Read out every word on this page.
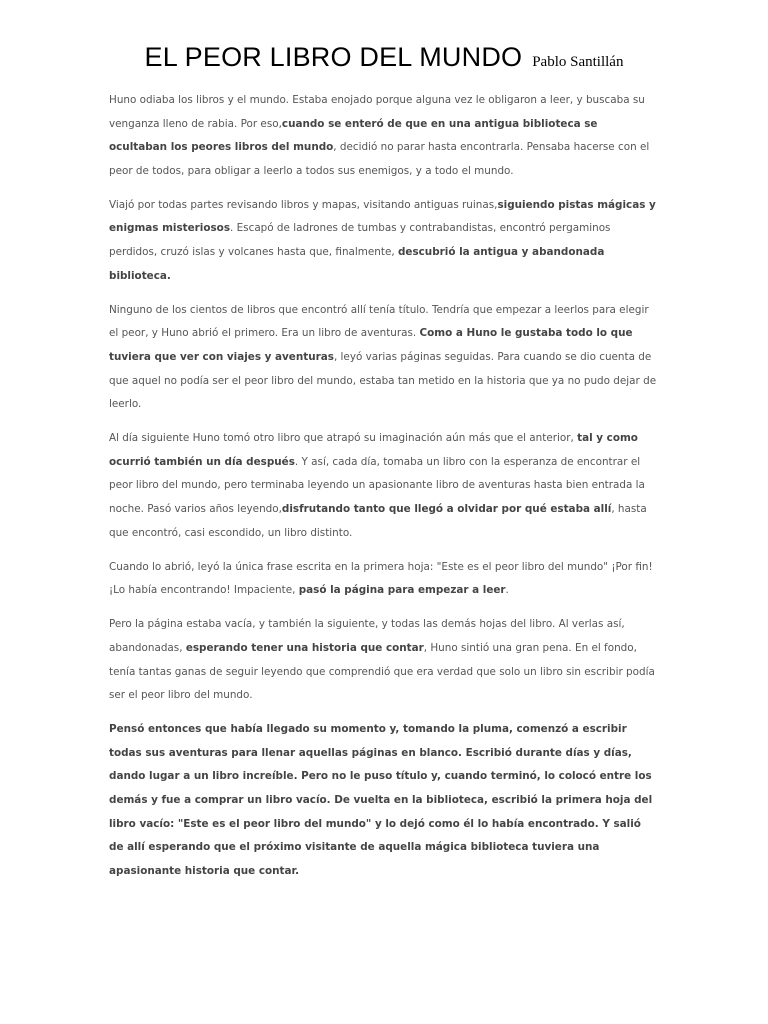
EL PEOR LIBRO DEL MUNDO Pablo Santillán

Huno odiaba los libros y el mundo. Estaba enojado porque alguna vez le obligaron a leer, y buscaba su venganza lleno de rabia. Por eso,cuando se enteró de que en una antigua biblioteca se ocultaban los peores libros del mundo, decidió no parar hasta encontrarla. Pensaba hacerse con el peor de todos, para obligar a leerlo a todos sus enemigos, y a todo el mundo.

Viajó por todas partes revisando libros y mapas, visitando antiguas ruinas,siguiendo pistas mágicas y enigmas misteriosos. Escapó de ladrones de tumbas y contrabandistas, encontró pergaminos perdidos, cruzó islas y volcanes hasta que, finalmente, descubrió la antigua y abandonada biblioteca.

Ninguno de los cientos de libros que encontró allí tenía título. Tendría que empezar a leerlos para elegir el peor, y Huno abrió el primero. Era un libro de aventuras. Como a Huno le gustaba todo lo que tuviera que ver con viajes y aventuras, leyó varias páginas seguidas. Para cuando se dio cuenta de que aquel no podía ser el peor libro del mundo, estaba tan metido en la historia que ya no pudo dejar de leerlo.

Al día siguiente Huno tomó otro libro que atrapó su imaginación aún más que el anterior, tal y como ocurrió también un día después. Y así, cada día, tomaba un libro con la esperanza de encontrar el peor libro del mundo, pero terminaba leyendo un apasionante libro de aventuras hasta bien entrada la noche. Pasó varios años leyendo,disfrutando tanto que llegó a olvidar por qué estaba allí, hasta que encontró, casi escondido, un libro distinto.

Cuando lo abrió, leyó la única frase escrita en la primera hoja: "Este es el peor libro del mundo" ¡Por fin! ¡Lo había encontrando! Impaciente, pasó la página para empezar a leer.

Pero la página estaba vacía, y también la siguiente, y todas las demás hojas del libro. Al verlas así, abandonadas, esperando tener una historia que contar, Huno sintió una gran pena. En el fondo, tenía tantas ganas de seguir leyendo que comprendió que era verdad que solo un libro sin escribir podía ser el peor libro del mundo.

Pensó entonces que había llegado su momento y, tomando la pluma, comenzó a escribir todas sus aventuras para llenar aquellas páginas en blanco. Escribió durante días y días, dando lugar a un libro increíble. Pero no le puso título y, cuando terminó, lo colocó entre los demás y fue a comprar un libro vacío. De vuelta en la biblioteca, escribió la primera hoja del libro vacío: "Este es el peor libro del mundo" y lo dejó como él lo había encontrado. Y salió de allí esperando que el próximo visitante de aquella mágica biblioteca tuviera una apasionante historia que contar.
